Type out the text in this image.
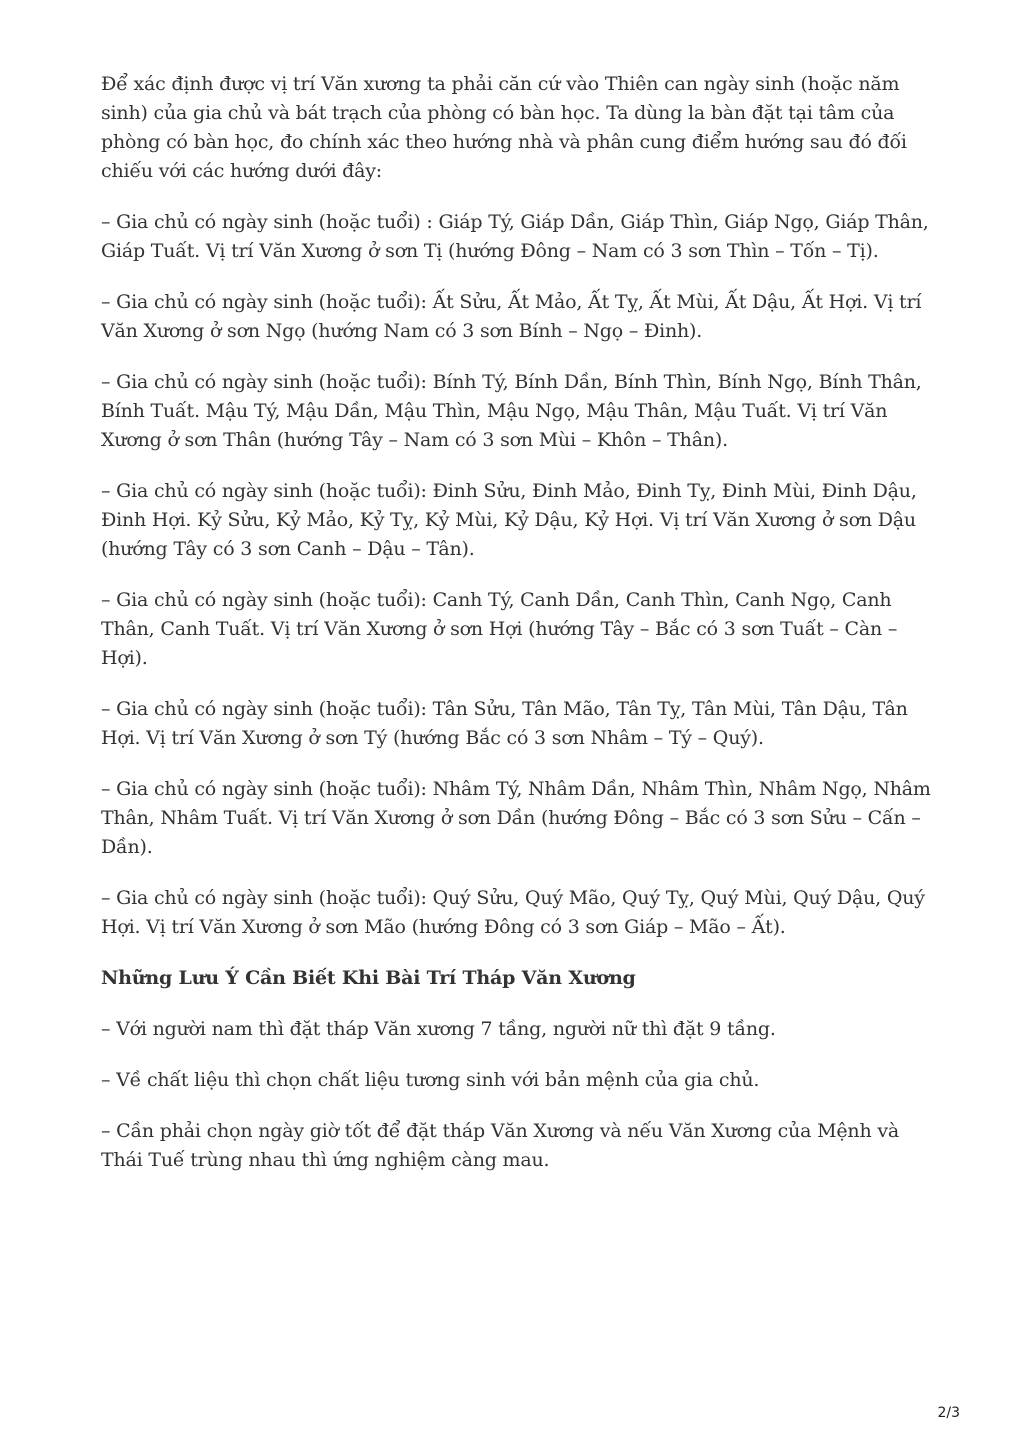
Để xác định được vị trí Văn xương ta phải căn cứ vào Thiên can ngày sinh (hoặc năm sinh) của gia chủ và bát trạch của phòng có bàn học. Ta dùng la bàn đặt tại tâm của phòng có bàn học, đo chính xác theo hướng nhà và phân cung điểm hướng sau đó đối chiếu với các hướng dưới đây:

– Gia chủ có ngày sinh (hoặc tuổi) : Giáp Tý, Giáp Dần, Giáp Thìn, Giáp Ngọ, Giáp Thân, Giáp Tuất. Vị trí Văn Xương ở sơn Tị (hướng Đông – Nam có 3 sơn Thìn – Tốn – Tị).

– Gia chủ có ngày sinh (hoặc tuổi): Ất Sửu, Ất Mảo, Ất Tỵ, Ất Mùi, Ất Dậu, Ất Hợi. Vị trí Văn Xương ở sơn Ngọ (hướng Nam có 3 sơn Bính – Ngọ – Đinh).

– Gia chủ có ngày sinh (hoặc tuổi): Bính Tý, Bính Dần, Bính Thìn, Bính Ngọ, Bính Thân, Bính Tuất. Mậu Tý, Mậu Dần, Mậu Thìn, Mậu Ngọ, Mậu Thân, Mậu Tuất. Vị trí Văn Xương ở sơn Thân (hướng Tây – Nam có 3 sơn Mùi – Khôn – Thân).

– Gia chủ có ngày sinh (hoặc tuổi): Đinh Sửu, Đinh Mảo, Đinh Tỵ, Đinh Mùi, Đinh Dậu, Đinh Hợi. Kỷ Sửu, Kỷ Mảo, Kỷ Tỵ, Kỷ Mùi, Kỷ Dậu, Kỷ Hợi. Vị trí Văn Xương ở sơn Dậu (hướng Tây có 3 sơn Canh – Dậu – Tân).

– Gia chủ có ngày sinh (hoặc tuổi): Canh Tý, Canh Dần, Canh Thìn, Canh Ngọ, Canh Thân, Canh Tuất. Vị trí Văn Xương ở sơn Hợi (hướng Tây – Bắc có 3 sơn Tuất – Càn – Hợi).

– Gia chủ có ngày sinh (hoặc tuổi): Tân Sửu, Tân Mão, Tân Tỵ, Tân Mùi, Tân Dậu, Tân Hợi. Vị trí Văn Xương ở sơn Tý (hướng Bắc có 3 sơn Nhâm – Tý – Quý).

– Gia chủ có ngày sinh (hoặc tuổi): Nhâm Tý, Nhâm Dần, Nhâm Thìn, Nhâm Ngọ, Nhâm Thân, Nhâm Tuất. Vị trí Văn Xương ở sơn Dần (hướng Đông – Bắc có 3 sơn Sửu – Cấn – Dần).

– Gia chủ có ngày sinh (hoặc tuổi): Quý Sửu, Quý Mão, Quý Tỵ, Quý Mùi, Quý Dậu, Quý Hợi. Vị trí Văn Xương ở sơn Mão (hướng Đông có 3 sơn Giáp – Mão – Ất).

Những Lưu Ý Cần Biết Khi Bài Trí Tháp Văn Xương

– Với người nam thì đặt tháp Văn xương 7 tầng, người nữ thì đặt 9 tầng.

– Về chất liệu thì chọn chất liệu tương sinh với bản mệnh của gia chủ.

– Cần phải chọn ngày giờ tốt để đặt tháp Văn Xương và nếu Văn Xương của Mệnh và Thái Tuế trùng nhau thì ứng nghiệm càng mau.

2/3
